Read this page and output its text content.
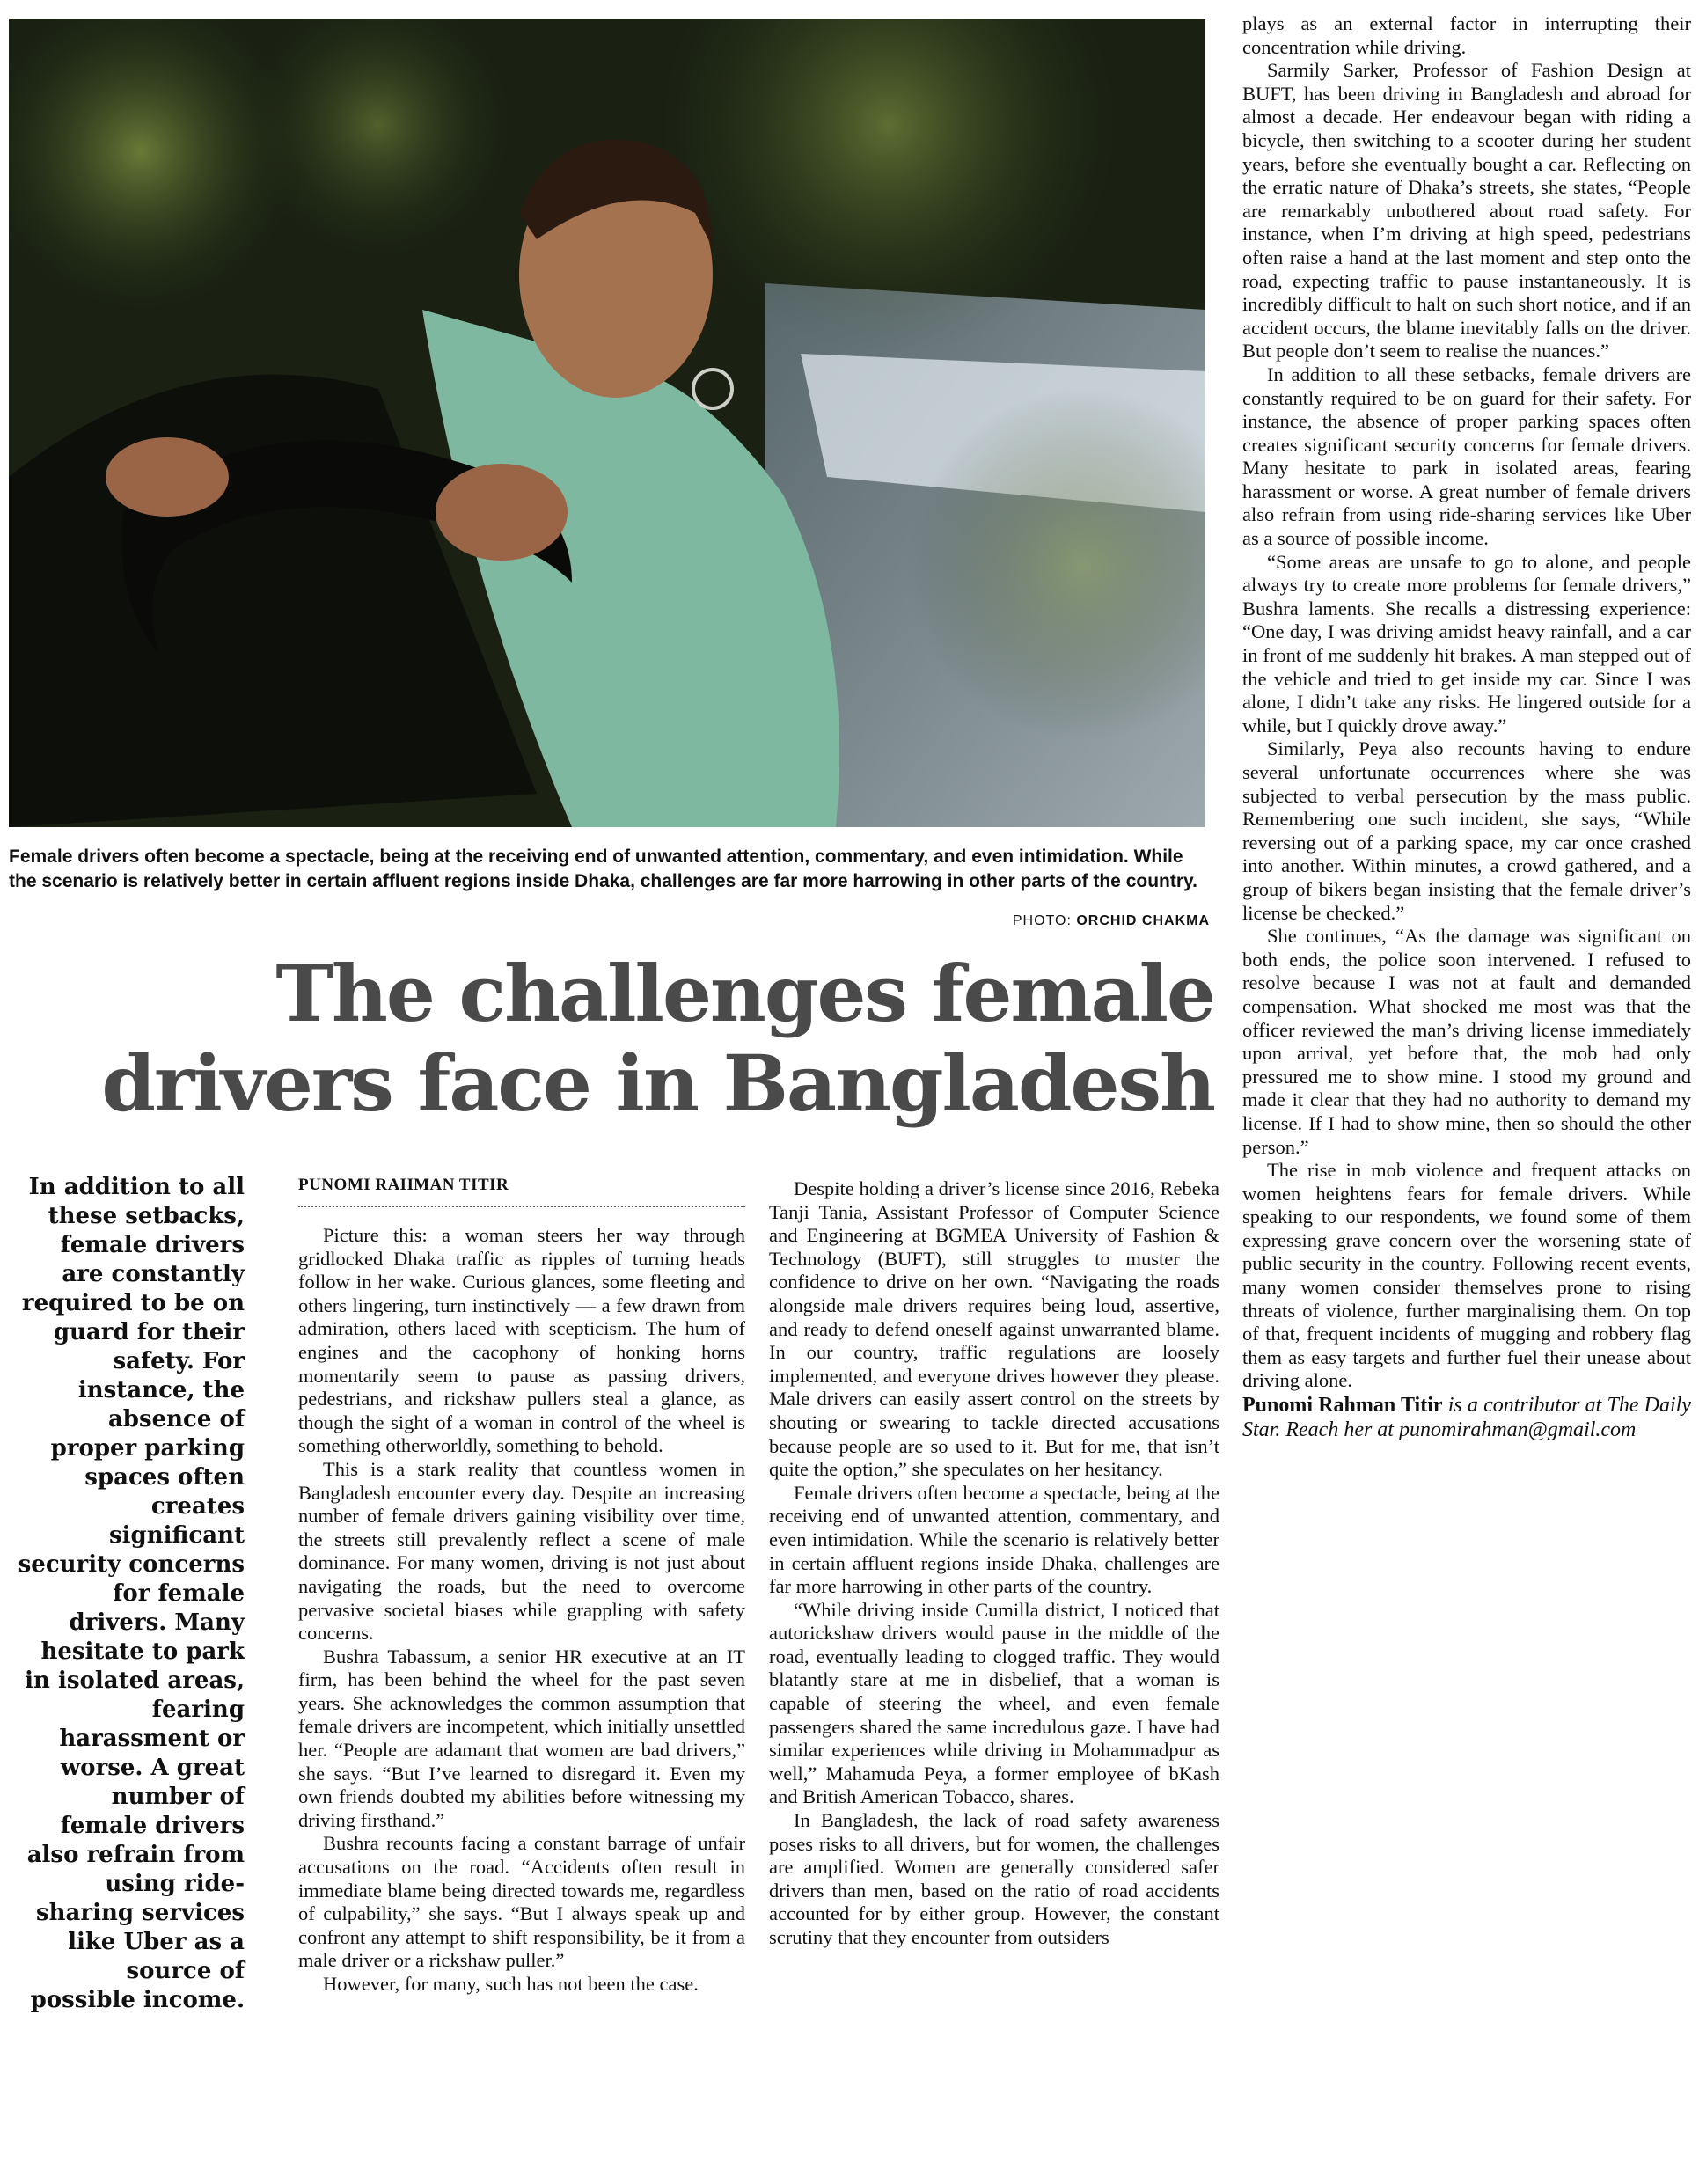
Female drivers often become a spectacle, being at the receiving end of unwanted attention, commentary, and even intimidation. While the scenario is relatively better in certain affluent regions inside Dhaka, challenges are far more harrowing in other parts of the country.
PHOTO: ORCHID CHAKMA
The challenges female
drivers face in Bangladesh
In addition to all these setbacks, female drivers are constantly required to be on guard for their safety. For instance, the absence of proper parking spaces often creates significant security concerns for female drivers. Many hesitate to park in isolated areas, fearing harassment or worse. A great number of female drivers also refrain from using ride-sharing services like Uber as a source of possible income.
PUNOMI RAHMAN TITIR

Picture this: a woman steers her way through gridlocked Dhaka traffic as ripples of turning heads follow in her wake. Curious glances, some fleeting and others lingering, turn instinctively — a few drawn from admiration, others laced with scepticism. The hum of engines and the cacophony of honking horns momentarily seem to pause as passing drivers, pedestrians, and rickshaw pullers steal a glance, as though the sight of a woman in control of the wheel is something otherworldly, something to behold.

This is a stark reality that countless women in Bangladesh encounter every day. Despite an increasing number of female drivers gaining visibility over time, the streets still prevalently reflect a scene of male dominance. For many women, driving is not just about navigating the roads, but the need to overcome pervasive societal biases while grappling with safety concerns.

Bushra Tabassum, a senior HR executive at an IT firm, has been behind the wheel for the past seven years. She acknowledges the common assumption that female drivers are incompetent, which initially unsettled her. “People are adamant that women are bad drivers,” she says. “But I’ve learned to disregard it. Even my own friends doubted my abilities before witnessing my driving firsthand.”

Bushra recounts facing a constant barrage of unfair accusations on the road. “Accidents often result in immediate blame being directed towards me, regardless of culpability,” she says. “But I always speak up and confront any attempt to shift responsibility, be it from a male driver or a rickshaw puller.”

However, for many, such has not been the case.

Despite holding a driver’s license since 2016, Rebeka Tanji Tania, Assistant Professor of Computer Science and Engineering at BGMEA University of Fashion & Technology (BUFT), still struggles to muster the confidence to drive on her own. “Navigating the roads alongside male drivers requires being loud, assertive, and ready to defend oneself against unwarranted blame. In our country, traffic regulations are loosely implemented, and everyone drives however they please. Male drivers can easily assert control on the streets by shouting or swearing to tackle directed accusations because people are so used to it. But for me, that isn’t quite the option,” she speculates on her hesitancy.

Female drivers often become a spectacle, being at the receiving end of unwanted attention, commentary, and even intimidation. While the scenario is relatively better in certain affluent regions inside Dhaka, challenges are far more harrowing in other parts of the country.

“While driving inside Cumilla district, I noticed that autorickshaw drivers would pause in the middle of the road, eventually leading to clogged traffic. They would blatantly stare at me in disbelief, that a woman is capable of steering the wheel, and even female passengers shared the same incredulous gaze. I have had similar experiences while driving in Mohammadpur as well,” Mahamuda Peya, a former employee of bKash and British American Tobacco, shares.

In Bangladesh, the lack of road safety awareness poses risks to all drivers, but for women, the challenges are amplified. Women are generally considered safer drivers than men, based on the ratio of road accidents accounted for by either group. However, the constant scrutiny that they encounter from outsiders

plays as an external factor in interrupting their concentration while driving.

Sarmily Sarker, Professor of Fashion Design at BUFT, has been driving in Bangladesh and abroad for almost a decade. Her endeavour began with riding a bicycle, then switching to a scooter during her student years, before she eventually bought a car. Reflecting on the erratic nature of Dhaka’s streets, she states, “People are remarkably unbothered about road safety. For instance, when I’m driving at high speed, pedestrians often raise a hand at the last moment and step onto the road, expecting traffic to pause instantaneously. It is incredibly difficult to halt on such short notice, and if an accident occurs, the blame inevitably falls on the driver. But people don’t seem to realise the nuances.”

In addition to all these setbacks, female drivers are constantly required to be on guard for their safety. For instance, the absence of proper parking spaces often creates significant security concerns for female drivers. Many hesitate to park in isolated areas, fearing harassment or worse. A great number of female drivers also refrain from using ride-sharing services like Uber as a source of possible income.

“Some areas are unsafe to go to alone, and people always try to create more problems for female drivers,” Bushra laments. She recalls a distressing experience: “One day, I was driving amidst heavy rainfall, and a car in front of me suddenly hit brakes. A man stepped out of the vehicle and tried to get inside my car. Since I was alone, I didn’t take any risks. He lingered outside for a while, but I quickly drove away.”

Similarly, Peya also recounts having to endure several unfortunate occurrences where she was subjected to verbal persecution by the mass public. Remembering one such incident, she says, “While reversing out of a parking space, my car once crashed into another. Within minutes, a crowd gathered, and a group of bikers began insisting that the female driver’s license be checked.”

She continues, “As the damage was significant on both ends, the police soon intervened. I refused to resolve because I was not at fault and demanded compensation. What shocked me most was that the officer reviewed the man’s driving license immediately upon arrival, yet before that, the mob had only pressured me to show mine. I stood my ground and made it clear that they had no authority to demand my license. If I had to show mine, then so should the other person.”

The rise in mob violence and frequent attacks on women heightens fears for female drivers. While speaking to our respondents, we found some of them expressing grave concern over the worsening state of public security in the country. Following recent events, many women consider themselves prone to rising threats of violence, further marginalising them. On top of that, frequent incidents of mugging and robbery flag them as easy targets and further fuel their unease about driving alone.

Punomi Rahman Titir is a contributor at The Daily Star. Reach her at punomirahman@gmail.com
